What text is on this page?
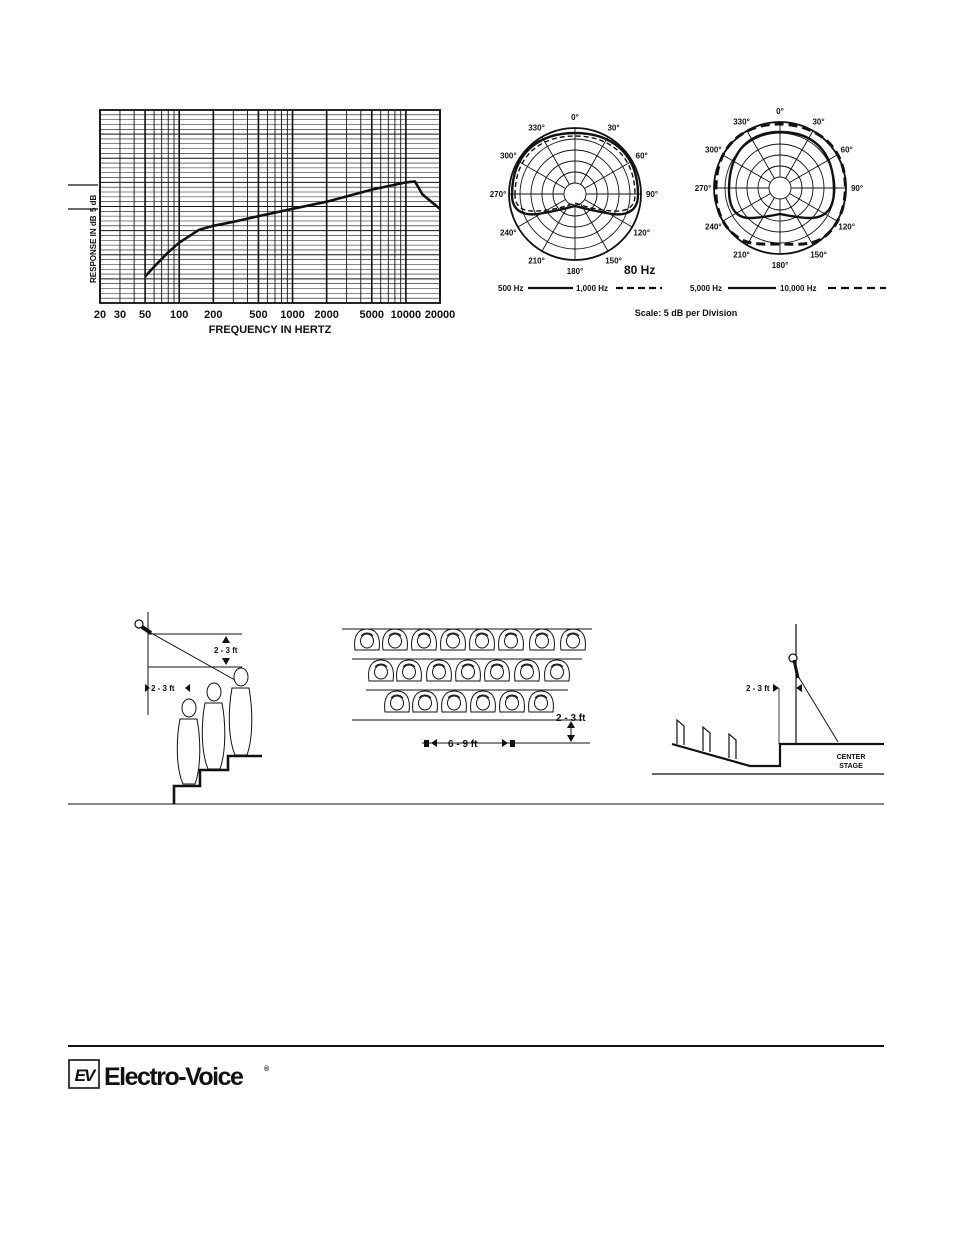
20 30 50 100 200 500 1000 2000 5000 10000 20000
FREQUENCY IN HERTZ
RESPONSE IN dB
5 dB
0°
30°
60°
90°
120°
150°
180°
210°
240°
270°
300°
330°
80 Hz
500 Hz	1,000 Hz
0°
30°
60°
90°
120°
150°
180°
210°
240°
270°
300°
330°
5,000 Hz	10,000 Hz
Scale: 5 dB per Division
2 - 3 ft
2 - 3 ft
6 - 9 ft
2 - 3 ft
2 - 3 ft
CENTER
STAGE
EV Electro-Voice	®
